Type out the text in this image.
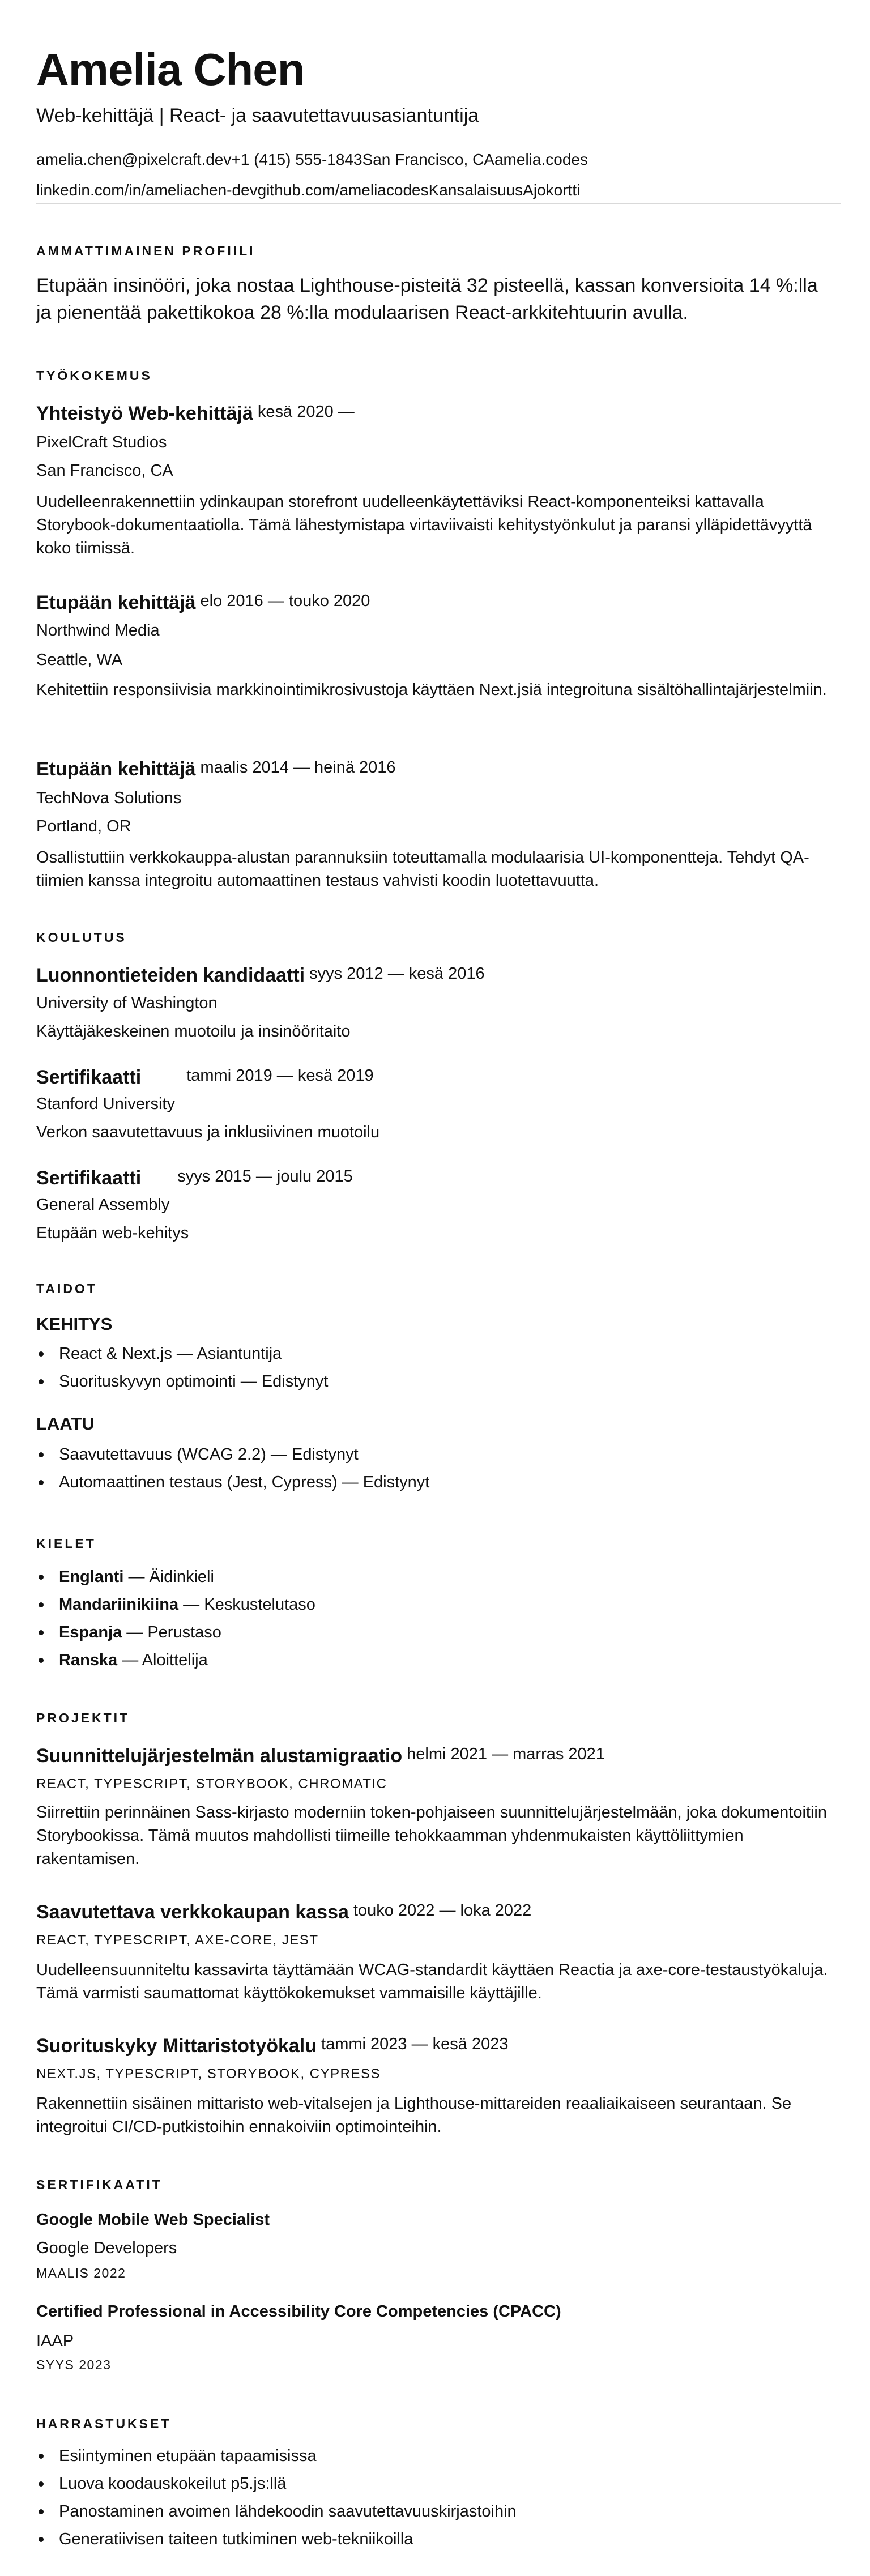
Amelia Chen
Web-kehittäjä | React- ja saavutettavuusasiantuntija
amelia.chen@pixelcraft.dev+1 (415) 555-1843San Francisco, CAamelia.codes
linkedin.com/in/ameliachen-devgithub.com/ameliacodesKansalaisuusAjokortti
AMMATTIMAINEN PROFIILI
Etupään insinööri, joka nostaa Lighthouse-pisteitä 32 pisteellä, kassan konversioita 14 %:lla ja pienentää pakettikokoa 28 %:lla modulaarisen React-arkkitehtuurin avulla.
TYÖKOKEMUS
Yhteistyö Web-kehittäjä kesä 2020 —
PixelCraft Studios
San Francisco, CA
Uudelleenrakennettiin ydinkaupan storefront uudelleenkäytettäviksi React-komponenteiksi kattavalla Storybook-dokumentaatiolla. Tämä lähestymistapa virtaviivaisti kehitystyönkulut ja paransi ylläpidettävyyttä koko tiimissä.
Etupään kehittäjä elo 2016 — touko 2020
Northwind Media
Seattle, WA
Kehitettiin responsiivisia markkinointimikrosivustoja käyttäen Next.jsiä integroituna sisältöhallintajärjestelmiin.
Etupään kehittäjä maalis 2014 — heinä 2016
TechNova Solutions
Portland, OR
Osallistuttiin verkkokauppa-alustan parannuksiin toteuttamalla modulaarisia UI-komponentteja. Tehdyt QA-tiimien kanssa integroitu automaattinen testaus vahvisti koodin luotettavuutta.
KOULUTUS
Luonnontieteiden kandidaatti syys 2012 — kesä 2016
University of Washington
Käyttäjäkeskeinen muotoilu ja insinööritaito
Sertifikaatti	tammi 2019 — kesä 2019
Stanford University
Verkon saavutettavuus ja inklusiivinen muotoilu
Sertifikaatti syys 2015 — joulu 2015
General Assembly
Etupään web-kehitys
TAIDOT
KEHITYS
React & Next.js — Asiantuntija
Suorituskyvyn optimointi — Edistynyt
LAATU
Saavutettavuus (WCAG 2.2) — Edistynyt
Automaattinen testaus (Jest, Cypress) — Edistynyt
KIELET
Englanti — Äidinkieli
Mandariinikiina — Keskustelutaso
Espanja — Perustaso
Ranska — Aloittelija
PROJEKTIT
Suunnittelujärjestelmän alustamigraatio helmi 2021 — marras 2021
REACT, TYPESCRIPT, STORYBOOK, CHROMATIC
Siirrettiin perinnäinen Sass-kirjasto moderniin token-pohjaiseen suunnittelujärjestelmään, joka dokumentoitiin Storybookissa. Tämä muutos mahdollisti tiimeille tehokkaamman yhdenmukaisten käyttöliittymien rakentamisen.
Saavutettava verkkokaupan kassa touko 2022 — loka 2022
REACT, TYPESCRIPT, AXE-CORE, JEST
Uudelleensuunniteltu kassavirta täyttämään WCAG-standardit käyttäen Reactia ja axe-core-testaustyökaluja. Tämä varmisti saumattomat käyttökokemukset vammaisille käyttäjille.
Suorituskyky Mittaristotyökalu tammi 2023 — kesä 2023
NEXT.JS, TYPESCRIPT, STORYBOOK, CYPRESS
Rakennettiin sisäinen mittaristo web-vitalsejen ja Lighthouse-mittareiden reaaliaikaiseen seurantaan. Se integroitui CI/CD-putkistoihin ennakoiviin optimointeihin.
SERTIFIKAATIT
Google Mobile Web Specialist
Google Developers
MAALIS 2022
Certified Professional in Accessibility Core Competencies (CPACC)
IAAP
SYYS 2023
HARRASTUKSET
Esiintyminen etupään tapaamisissa
Luova koodauskokeilut p5.js:llä
Panostaminen avoimen lähdekoodin saavutettavuuskirjastoihin
Generatiivisen taiteen tutkiminen web-tekniikoilla
